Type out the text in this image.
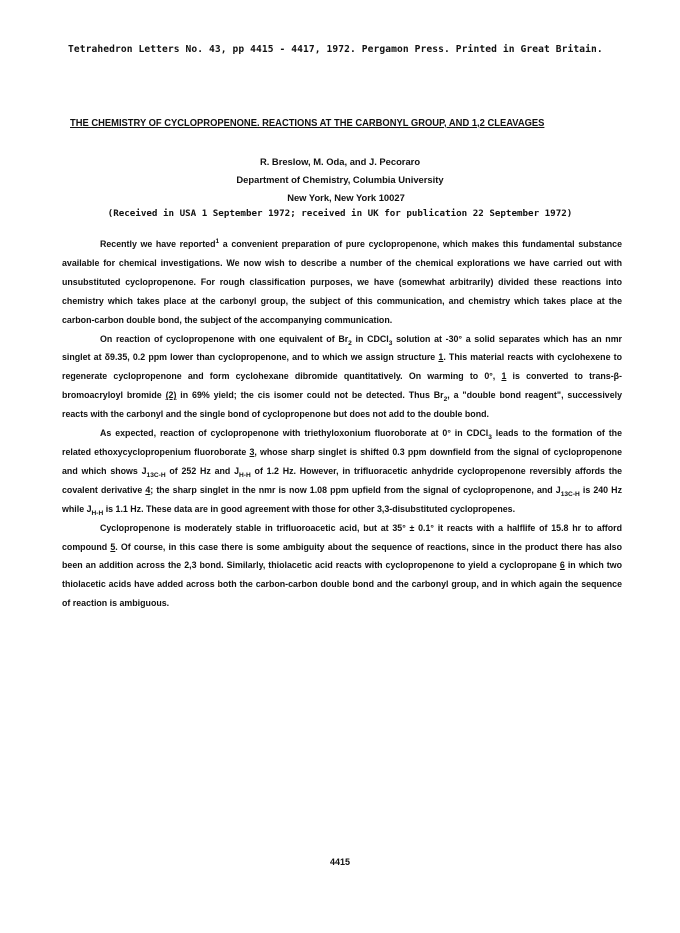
Tetrahedron Letters No. 43, pp 4415 - 4417, 1972. Pergamon Press. Printed in Great Britain.
THE CHEMISTRY OF CYCLOPROPENONE. REACTIONS AT THE CARBONYL GROUP, AND 1,2 CLEAVAGES
R. Breslow, M. Oda, and J. Pecoraro
Department of Chemistry, Columbia University
New York, New York 10027
(Received in USA 1 September 1972; received in UK for publication 22 September 1972)

Recently we have reported$^1$ a convenient preparation of pure cyclopropenone, which makes this fundamental substance available for chemical investigations. We now wish to describe a number of the chemical explorations we have carried out with unsubstituted cyclopropenone. For rough classification purposes, we have (somewhat arbitrarily) divided these reactions into chemistry which takes place at the carbonyl group, the subject of this communication, and chemistry which takes place at the carbon-carbon double bond, the subject of the accompanying communication.

On reaction of cyclopropenone with one equivalent of $Br_2$ in CDCl$_3$ solution at -30° a solid separates which has an nmr singlet at δ9.35, 0.2 ppm lower than cyclopropenone, and to which we assign structure 1. This material reacts with cyclohexene to regenerate cyclopropenone and form cyclohexane dibromide quantitatively. On warming to 0°, 1 is converted to trans-β-bromoacryloyl bromide (2) in 69% yield; the cis isomer could not be detected. Thus $Br_2$, a "double bond reagent", successively reacts with the carbonyl and the single bond of cyclopropenone but does not add to the double bond.

As expected, reaction of cyclopropenone with triethyloxonium fluoroborate at 0° in CDCl$_3$ leads to the formation of the related ethoxycyclopropenium fluoroborate 3, whose sharp singlet is shifted 0.3 ppm downfield from the signal of cyclopropenone and which shows $J_{13C-H}$ of 252 Hz and $J_{H-H}$ of 1.2 Hz. However, in trifluoracetic anhydride cyclopropenone reversibly affords the covalent derivative 4; the sharp singlet in the nmr is now 1.08 ppm upfield from the signal of cyclopropenone, and $J_{13C-H}$ is 240 Hz while $J_{H-H}$ is 1.1 Hz. These data are in good agreement with those for other 3,3-disubstituted cyclopropenes.

Cyclopropenone is moderately stable in trifluoroacetic acid, but at 35° ± 0.1° it reacts with a halflife of 15.8 hr to afford compound 5. Of course, in this case there is some ambiguity about the sequence of reactions, since in the product there has also been an addition across the 2,3 bond. Similarly, thiolacetic acid reacts with cyclopropenone to yield a cyclopropane 6 in which two thiolacetic acids have added across both the carbon-carbon double bond and the carbonyl group, and in which again the sequence of reaction is ambiguous.

4415
